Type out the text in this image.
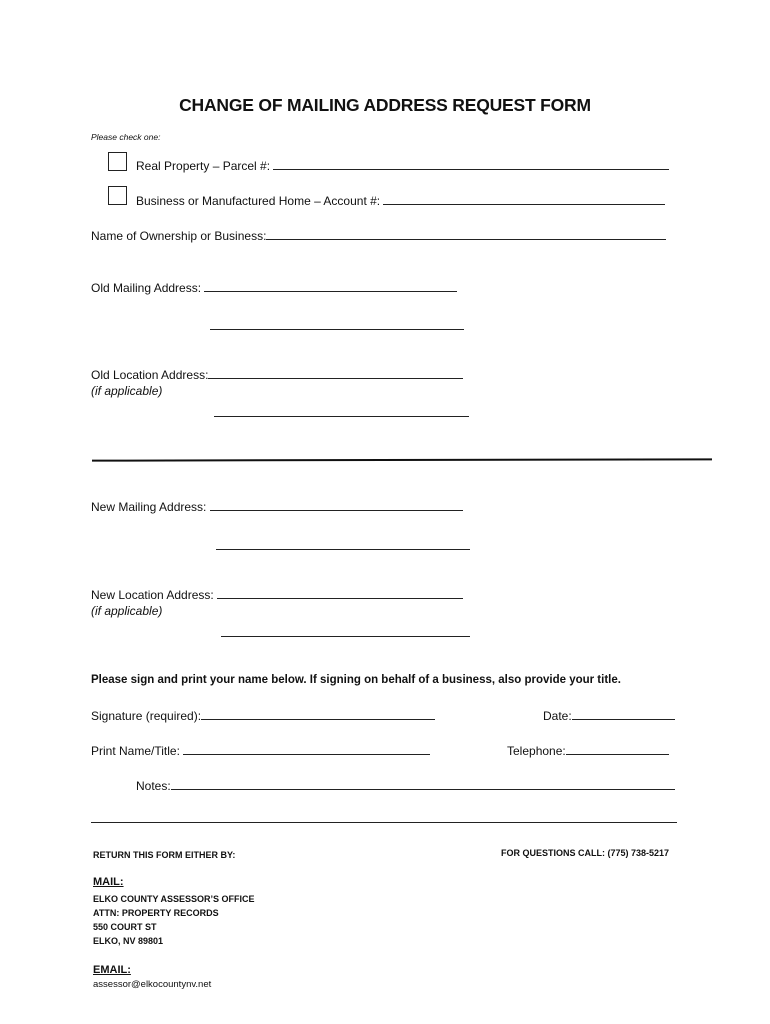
CHANGE OF MAILING ADDRESS REQUEST FORM
Please check one:
Real Property – Parcel #:
Business or Manufactured Home – Account #:
Name of Ownership or Business:
Old Mailing Address:
Old Location Address:
(if applicable)
New Mailing Address:
New Location Address:
(if applicable)
Please sign and print your name below. If signing on behalf of a business, also provide your title.
Signature (required):	Date:
Print Name/Title:	Telephone:
Notes:
RETURN THIS FORM EITHER BY:	FOR QUESTIONS CALL: (775) 738-5217
MAIL:
ELKO COUNTY ASSESSOR’S OFFICE
ATTN: PROPERTY RECORDS
550 COURT ST
ELKO, NV 89801
EMAIL:
assessor@elkocountynv.net
